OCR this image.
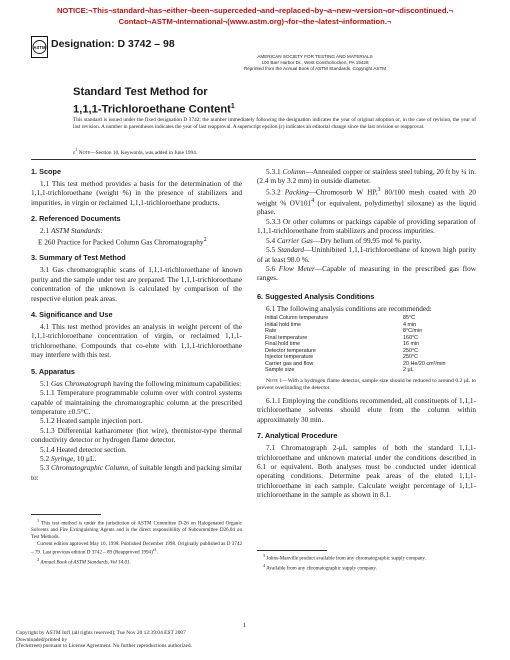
NOTICE:¬This¬standard¬has¬either¬been¬superceded¬and¬replaced¬by¬a¬new¬version¬or¬discontinued.¬
Contact¬ASTM¬International¬(www.astm.org)¬for¬the¬latest¬information.¬
ASTM Designation: D 3742 – 98
AMERICAN SOCIETY FOR TESTING AND MATERIALS
100 Barr Harbor Dr., West Conshohocken, PA 19428
Reprinted from the Annual Book of ASTM Standards. Copyright ASTM
Standard Test Method for
1,1,1-Trichloroethane Content$^1$
This standard is issued under the fixed designation D 3742; the number immediately following the designation indicates the year of original adoption or, in the case of revision, the year of last revision. A number in parentheses indicates the year of last reapproval. A superscript epsilon (ε) indicates an editorial change since the last revision or reapproval.
$\varepsilon^1$ Note—Section 10, Keywords, was added in June 1994.
1. Scope

1.1 This test method provides a basis for the determination of the 1,1,1-trichloroethane (weight %) in the presence of stabilizers and impurities, in virgin or reclaimed 1,1,1-trichloroethane products.

2. Referenced Documents

2.1 ASTM Standards:

E 260 Practice for Packed Column Gas Chromatography$^2$

3. Summary of Test Method

3.1 Gas chromatographic scans of 1,1,1-trichloroethane of known purity and the sample under test are prepared. The 1,1,1-trichloroethane concentration of the unknown is calculated by comparison of the respective elution peak areas.

4. Significance and Use

4.1 This test method provides an analysis in weight percent of the 1,1,1-trichloroethane concentration of virgin, or reclaimed 1,1,1-trichloroethane. Compounds that co-elute with 1,1,1-trichloroethane may interfere with this test.

5. Apparatus

5.1 Gas Chromatograph having the following minimum capabilities:

5.1.1 Temperature programmable column over with control systems capable of maintaining the chromatographic column at the prescribed temperature ±0.5°C.

5.1.2 Heated sample injection port.

5.1.3 Differential katharometer (hot wire), thermistor-type thermal conductivity detector or hydrogen flame detector.

5.1.4 Heated detector section.

5.2 Syringe, 10 μL.

5.3 Chromatographic Column, of suitable length and packing similar to:

$^1$ This test method is under the jurisdiction of ASTM Committee D-26 on Halogenated Organic Solvents and Fire Extinguishing Agents and is the direct responsibility of Subcommittee D26.04 on Test Methods.

Current edition approved May 10, 1998. Published December 1998. Originally published as D 3742 – 79. Last previous edition D 3742 – 89 (Reapproved 1994)$^{\varepsilon 1}$.

$^2$ Annual Book of ASTM Standards, Vol 14.01.

5.3.1 Column—Annealed copper or stainless steel tubing, 20 ft by ¼ in. (2.4 m by 3.2 mm) in outside diameter.

5.3.2 Packing—Chromosorb W HP,$^3$ 80/100 mesh coated with 20 weight % $OV101^4$ (or equivalent, polydimethyl siloxane) as the liquid phase.

5.3.3 Or other columns or packings capable of providing separation of 1,1,1-trichloroethane from stabilizers and process impurities.

5.4 Carrier Gas—Dry helium of 99.95 mol % purity.

5.5 Standard—Uninhibited 1,1,1-trichloroethane of known high purity of at least 98.0 %.

5.6 Flow Meter—Capable of measuring in the prescribed gas flow ranges.

6. Suggested Analysis Conditions

6.1 The following analysis conditions are recommended:

Initial Column temperature	85°C
Initial hold time	4 min
Rate	8°C/min
Final temperature	160°C
Final hold time	16 min
Detector temperature	250°C
Injector temperature	250°C
Carrier gas and flow	20 He/20 cm³/min
Sample size	2 μL

Note 1—With a hydrogen flame detector, sample size should be reduced to around 0.2 μL to prevent overloading the detector.

6.1.1 Employing the conditions recommended, all constituents of 1,1,1-trichloroethane solvents should elute from the column within approximately 30 min.

7. Analytical Procedure

7.1 Chromatograph 2-μL samples of both the standard 1,1,1-trichloroethane and unknown material under the conditions described in 6.1 or equivalent. Both analyses must be conducted under identical operating conditions. Determine peak areas of the eluted 1,1,1-trichloroethane in each sample. Calculate weight percentage of 1,1,1-trichloroethane in the sample as shown in 8.1.

$^3$ Johns-Manville product available from any chromatographic supply company.

$^4$ Available from any chromatographic supply company.

1
Copyright by ASTM Int'l (all rights reserved); Tue Nov 20 12:39:04 EST 2007
Downloaded/printed by
(Techstreet) pursuant to License Agreement. No further reproductions authorized.
